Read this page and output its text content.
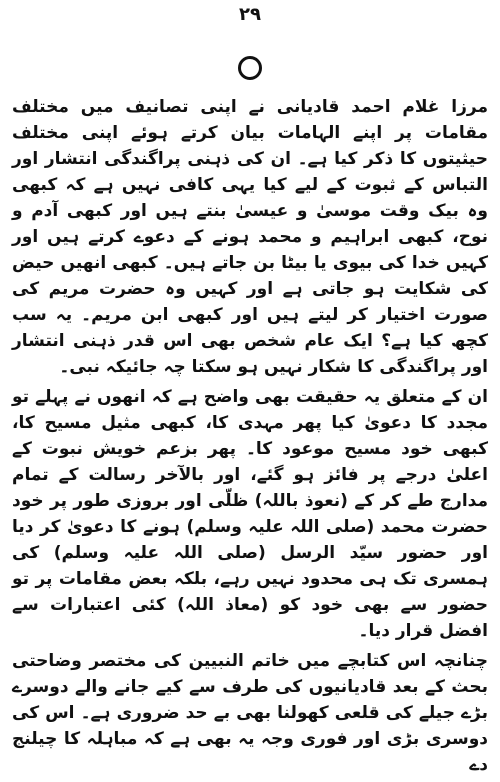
۲۹

مرزا غلام احمد قادیانی نے اپنی تصانیف میں مختلف مقامات پر اپنے الہامات بیان کرتے ہوئے اپنی مختلف حیثیتوں کا ذکر کیا ہے۔ ان کی ذہنی پراگندگی انتشار اور التباس کے ثبوت کے لیے کیا یہی کافی نہیں ہے کہ کبھی وہ بیک وقت موسیٰ و عیسیٰ بنتے ہیں اور کبھی آدم و نوح، کبھی ابراہیم و محمد ہونے کے دعوے کرتے ہیں اور کہیں خدا کی بیوی یا بیٹا بن جاتے ہیں۔ کبھی انھیں حیض کی شکایت ہو جاتی ہے اور کہیں وہ حضرت مریم کی صورت اختیار کر لیتے ہیں اور کبھی ابن مریم۔ یہ سب کچھ کیا ہے؟ ایک عام شخص بھی اس قدر ذہنی انتشار اور پراگندگی کا شکار نہیں ہو سکتا چہ جائیکہ نبی۔

ان کے متعلق یہ حقیقت بھی واضح ہے کہ انھوں نے پہلے تو مجدد کا دعویٰ کیا پھر مہدی کا، کبھی مثیل مسیح کا، کبھی خود مسیح موعود کا۔ پھر بزعم خویش نبوت کے اعلیٰ درجے پر فائز ہو گئے، اور بالآخر رسالت کے تمام مدارج طے کر کے (نعوذ باللہ) ظلّی اور بروزی طور پر خود حضرت محمد (صلی اللہ علیہ وسلم) ہونے کا دعویٰ کر دیا اور حضور سیّد الرسل (صلی اللہ علیہ وسلم) کی ہمسری تک ہی محدود نہیں رہے، بلکہ بعض مقامات پر تو حضور سے بھی خود کو (معاذ اللہ) کئی اعتبارات سے افضل قرار دیا۔

چنانچہ اس کتابچے میں خاتم النبیین کی مختصر وضاحتی بحث کے بعد قادیانیوں کی طرف سے کیے جانے والے دوسرے بڑے جیلے کی قلعی کھولنا بھی بے حد ضروری ہے۔ اس کی دوسری بڑی اور فوری وجہ یہ بھی ہے کہ مباہلہ کا چیلنج دے
